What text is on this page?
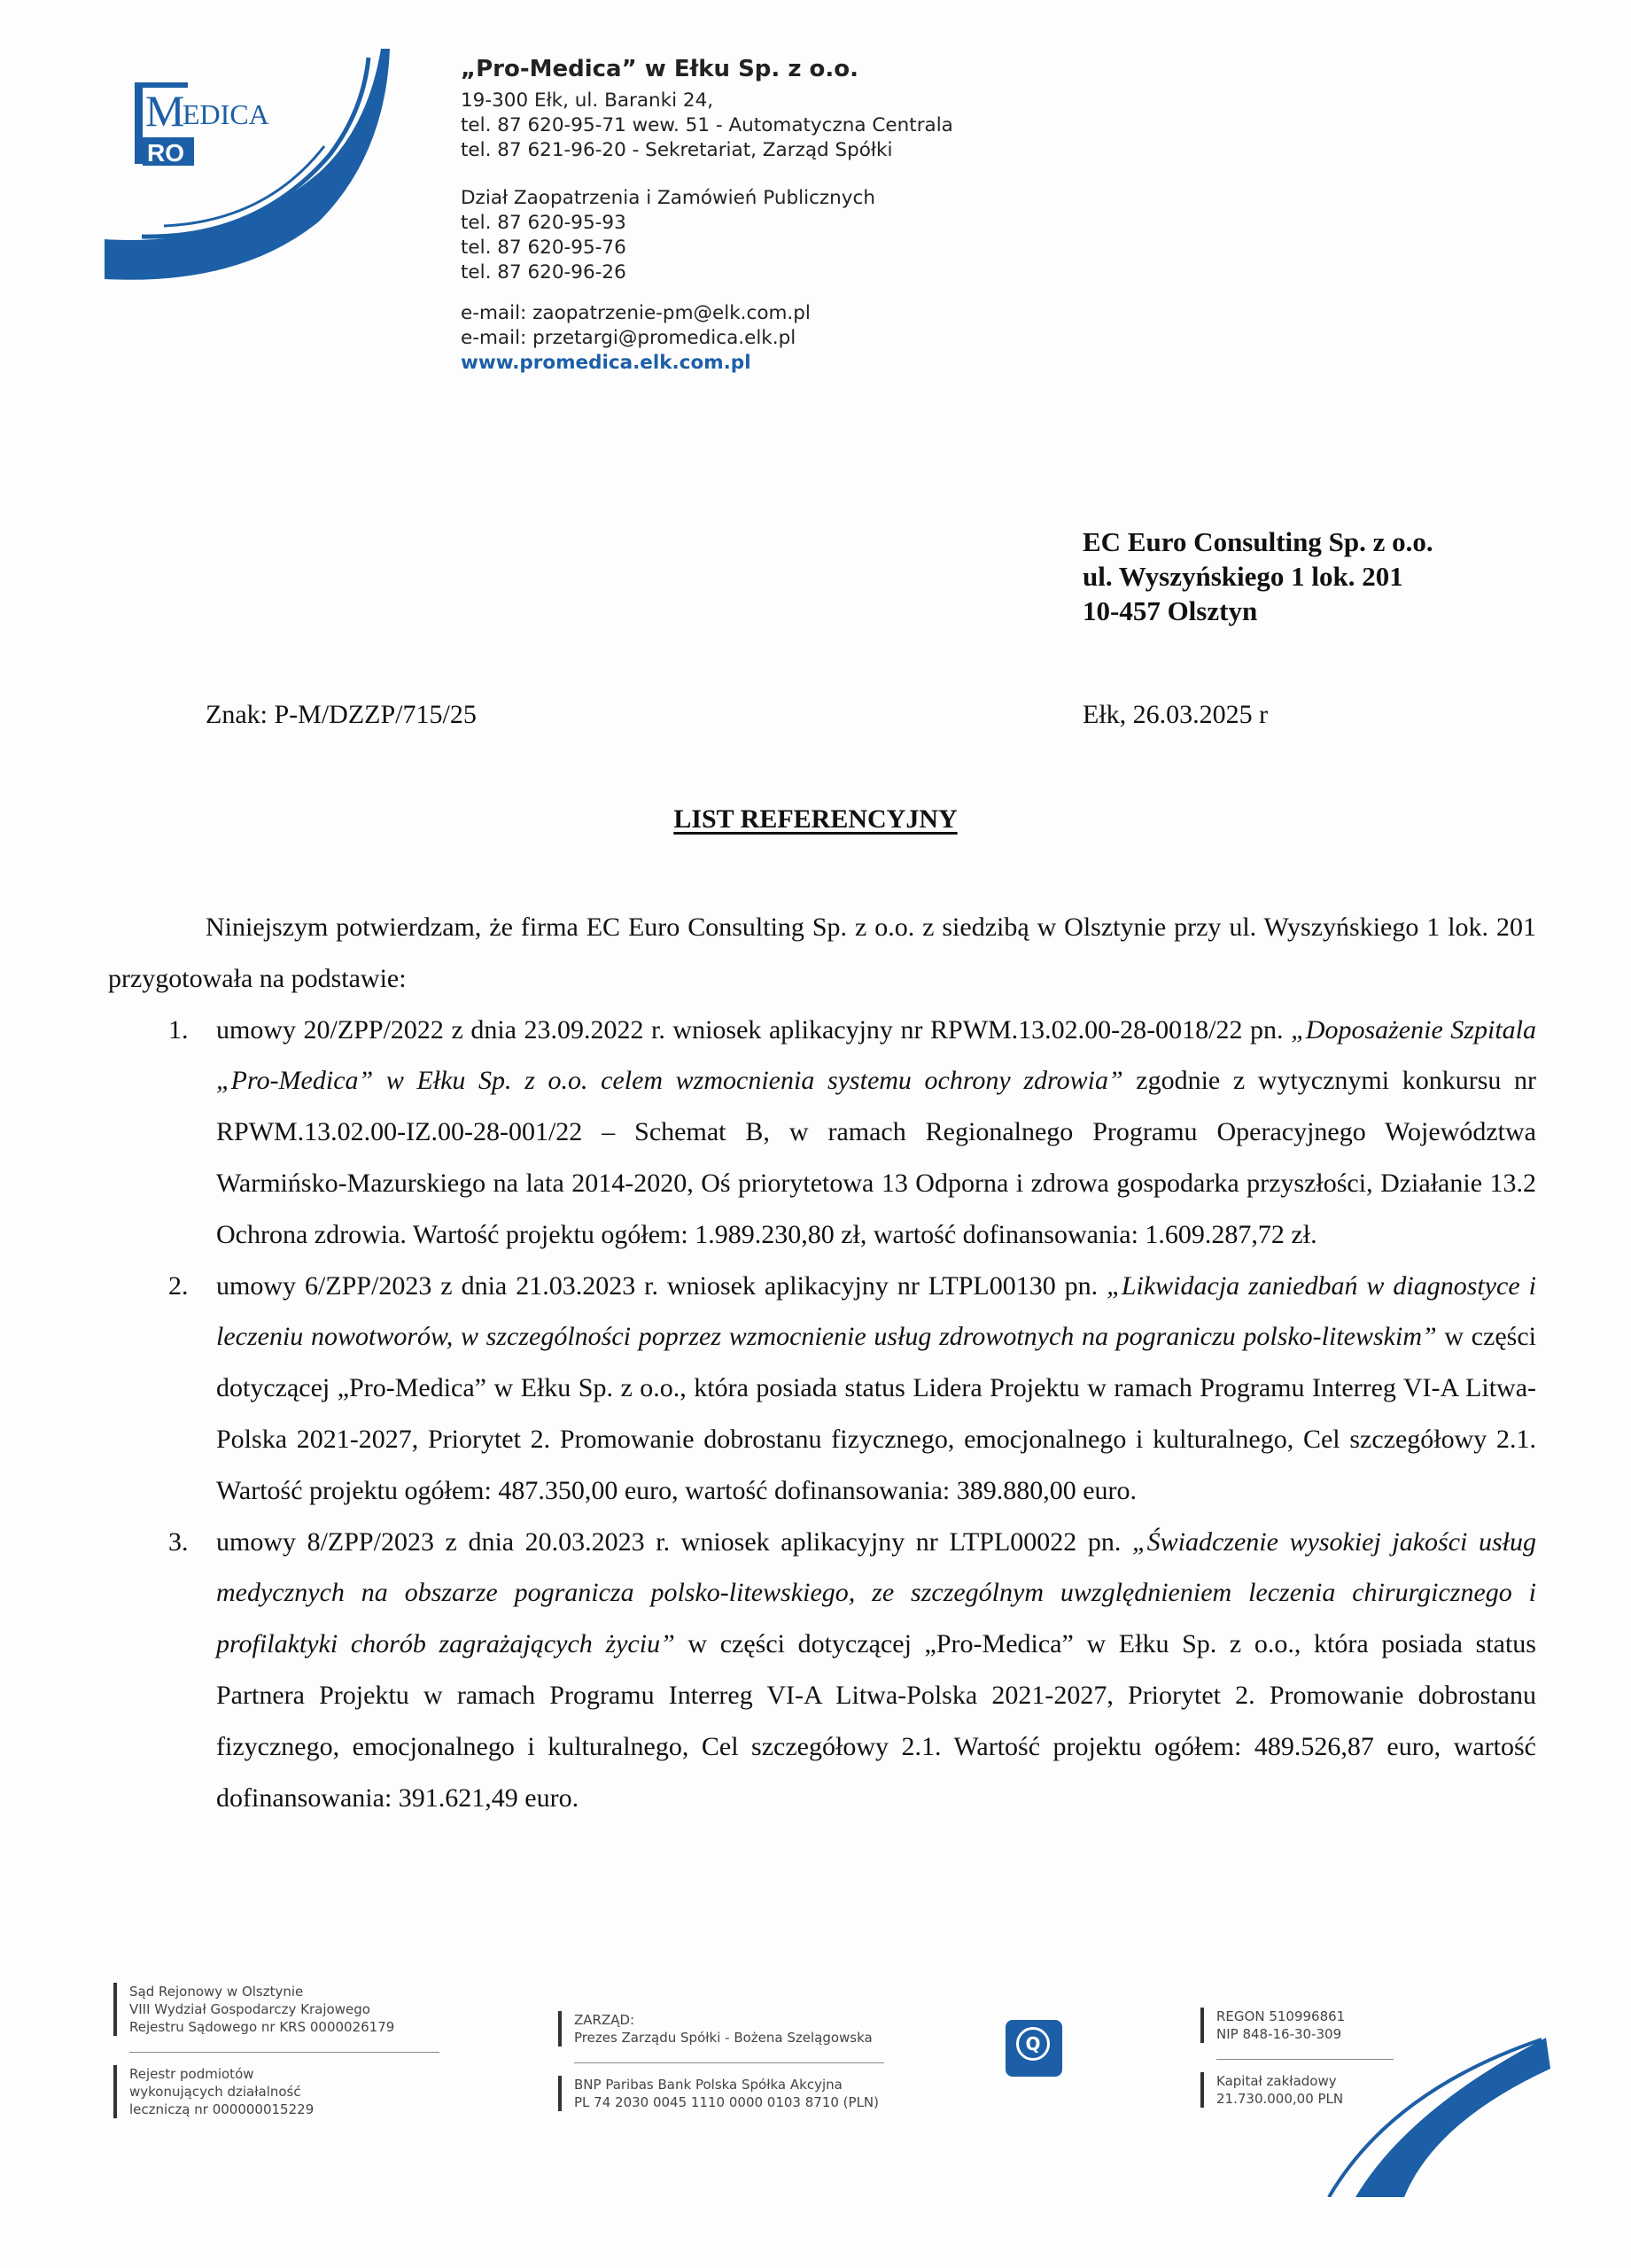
M
EDICA
RO
„Pro-Medica” w Ełku Sp. z o.o.
19-300 Ełk, ul. Baranki 24,
tel. 87 620-95-71 wew. 51 - Automatyczna Centrala
tel. 87 621-96-20 - Sekretariat, Zarząd Spółki
Dział Zaopatrzenia i Zamówień Publicznych
tel. 87 620-95-93
tel. 87 620-95-76
tel. 87 620-96-26
e-mail: zaopatrzenie-pm@elk.com.pl
e-mail: przetargi@promedica.elk.pl
www.promedica.elk.com.pl
EC Euro Consulting Sp. z o.o.
ul. Wyszyńskiego 1 lok. 201
10-457 Olsztyn
Znak: P-M/DZZP/715/25	Ełk, 26.03.2025 r
LIST REFERENCYJNY

Niniejszym potwierdzam, że firma EC Euro Consulting Sp. z o.o. z siedzibą w Olsztynie przy ul. Wyszyńskiego 1 lok. 201 przygotowała na podstawie:

1. umowy 20/ZPP/2022 z dnia 23.09.2022 r. wniosek aplikacyjny nr RPWM.13.02.00-28-0018/22 pn. „Doposażenie Szpitala „Pro-Medica” w Ełku Sp. z o.o. celem wzmocnienia systemu ochrony zdrowia” zgodnie z wytycznymi konkursu nr RPWM.13.02.00-IZ.00-28-001/22 – Schemat B, w ramach Regionalnego Programu Operacyjnego Województwa Warmińsko-Mazurskiego na lata 2014-2020, Oś priorytetowa 13 Odporna i zdrowa gospodarka przyszłości, Działanie 13.2 Ochrona zdrowia. Wartość projektu ogółem: 1.989.230,80 zł, wartość dofinansowania: 1.609.287,72 zł.
2. umowy 6/ZPP/2023 z dnia 21.03.2023 r. wniosek aplikacyjny nr LTPL00130 pn. „Likwidacja zaniedbań w diagnostyce i leczeniu nowotworów, w szczególności poprzez wzmocnienie usług zdrowotnych na pograniczu polsko-litewskim” w części dotyczącej „Pro-Medica” w Ełku Sp. z o.o., która posiada status Lidera Projektu w ramach Programu Interreg VI-A Litwa-Polska 2021-2027, Priorytet 2. Promowanie dobrostanu fizycznego, emocjonalnego i kulturalnego, Cel szczegółowy 2.1. Wartość projektu ogółem: 487.350,00 euro, wartość dofinansowania: 389.880,00 euro.
3. umowy 8/ZPP/2023 z dnia 20.03.2023 r. wniosek aplikacyjny nr LTPL00022 pn. „Świadczenie wysokiej jakości usług medycznych na obszarze pogranicza polsko-litewskiego, ze szczególnym uwzględnieniem leczenia chirurgicznego i profilaktyki chorób zagrażających życiu” w części dotyczącej „Pro-Medica” w Ełku Sp. z o.o., która posiada status Partnera Projektu w ramach Programu Interreg VI-A Litwa-Polska 2021-2027, Priorytet 2. Promowanie dobrostanu fizycznego, emocjonalnego i kulturalnego, Cel szczegółowy 2.1. Wartość projektu ogółem: 489.526,87 euro, wartość dofinansowania: 391.621,49 euro.
Sąd Rejonowy w Olsztynie
VIII Wydział Gospodarczy Krajowego
Rejestru Sądowego nr KRS 0000026179
Rejestr podmiotów
wykonujących działalność
leczniczą nr 000000015229
ZARZĄD:
Prezes Zarządu Spółki - Bożena Szelągowska
BNP Paribas Bank Polska Spółka Akcyjna
PL 74 2030 0045 1110 0000 0103 8710 (PLN)
Q
REGON 510996861
NIP 848-16-30-309
Kapitał zakładowy
21.730.000,00 PLN
